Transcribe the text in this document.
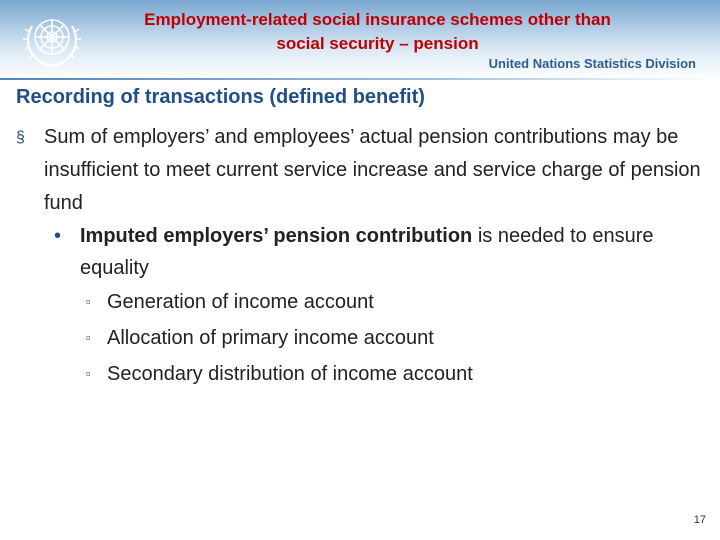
Employment-related social insurance schemes other than
social security – pension
United Nations Statistics Division
Recording of transactions (defined benefit)
§ Sum of employers’ and employees’ actual pension contributions may be insufficient to meet current service increase and service charge of pension fund
• Imputed employers’ pension contribution is needed to ensure equality
▫ Generation of income account
▫ Allocation of primary income account
▫ Secondary distribution of income account
17
